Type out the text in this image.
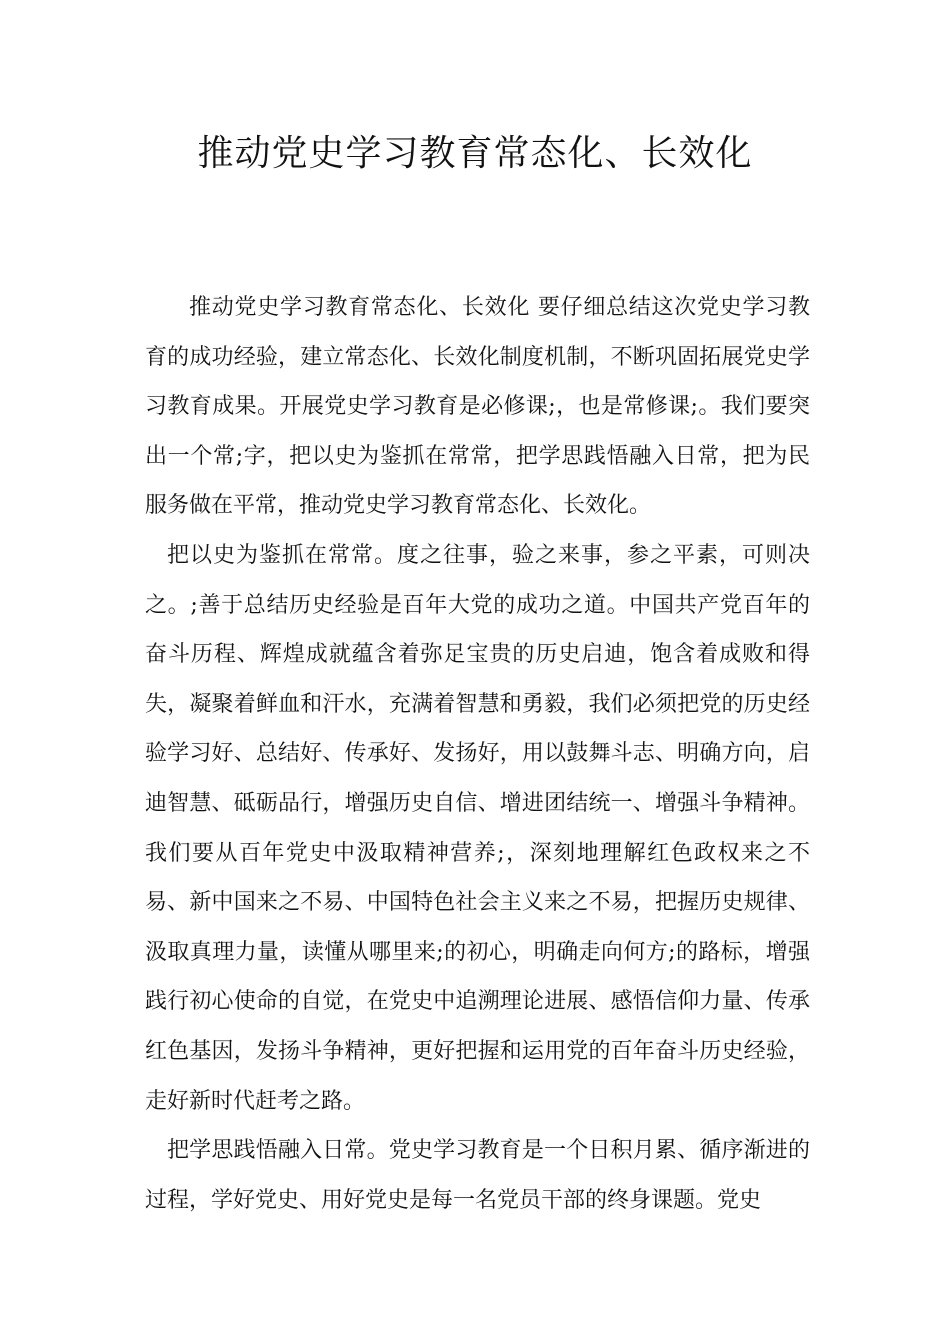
推动党史学习教育常态化、长效化

推动党史学习教育常态化、长效化 要仔细总结这次党史学习教育的成功经验，建立常态化、长效化制度机制，不断巩固拓展党史学习教育成果。开展党史学习教育是必修课;，也是常修课;。我们要突出一个常;字，把以史为鉴抓在常常，把学思践悟融入日常，把为民服务做在平常，推动党史学习教育常态化、长效化。

把以史为鉴抓在常常。度之往事，验之来事，参之平素，可则决之。;善于总结历史经验是百年大党的成功之道。中国共产党百年的奋斗历程、辉煌成就蕴含着弥足宝贵的历史启迪，饱含着成败和得失，凝聚着鲜血和汗水，充满着智慧和勇毅，我们必须把党的历史经验学习好、总结好、传承好、发扬好，用以鼓舞斗志、明确方向，启迪智慧、砥砺品行，增强历史自信、增进团结统一、增强斗争精神。我们要从百年党史中汲取精神营养;，深刻地理解红色政权来之不易、新中国来之不易、中国特色社会主义来之不易，把握历史规律、汲取真理力量，读懂从哪里来;的初心，明确走向何方;的路标，增强践行初心使命的自觉，在党史中追溯理论进展、感悟信仰力量、传承红色基因，发扬斗争精神，更好把握和运用党的百年奋斗历史经验，走好新时代赶考之路。

把学思践悟融入日常。党史学习教育是一个日积月累、循序渐进的过程，学好党史、用好党史是每一名党员干部的终身课题。党史
